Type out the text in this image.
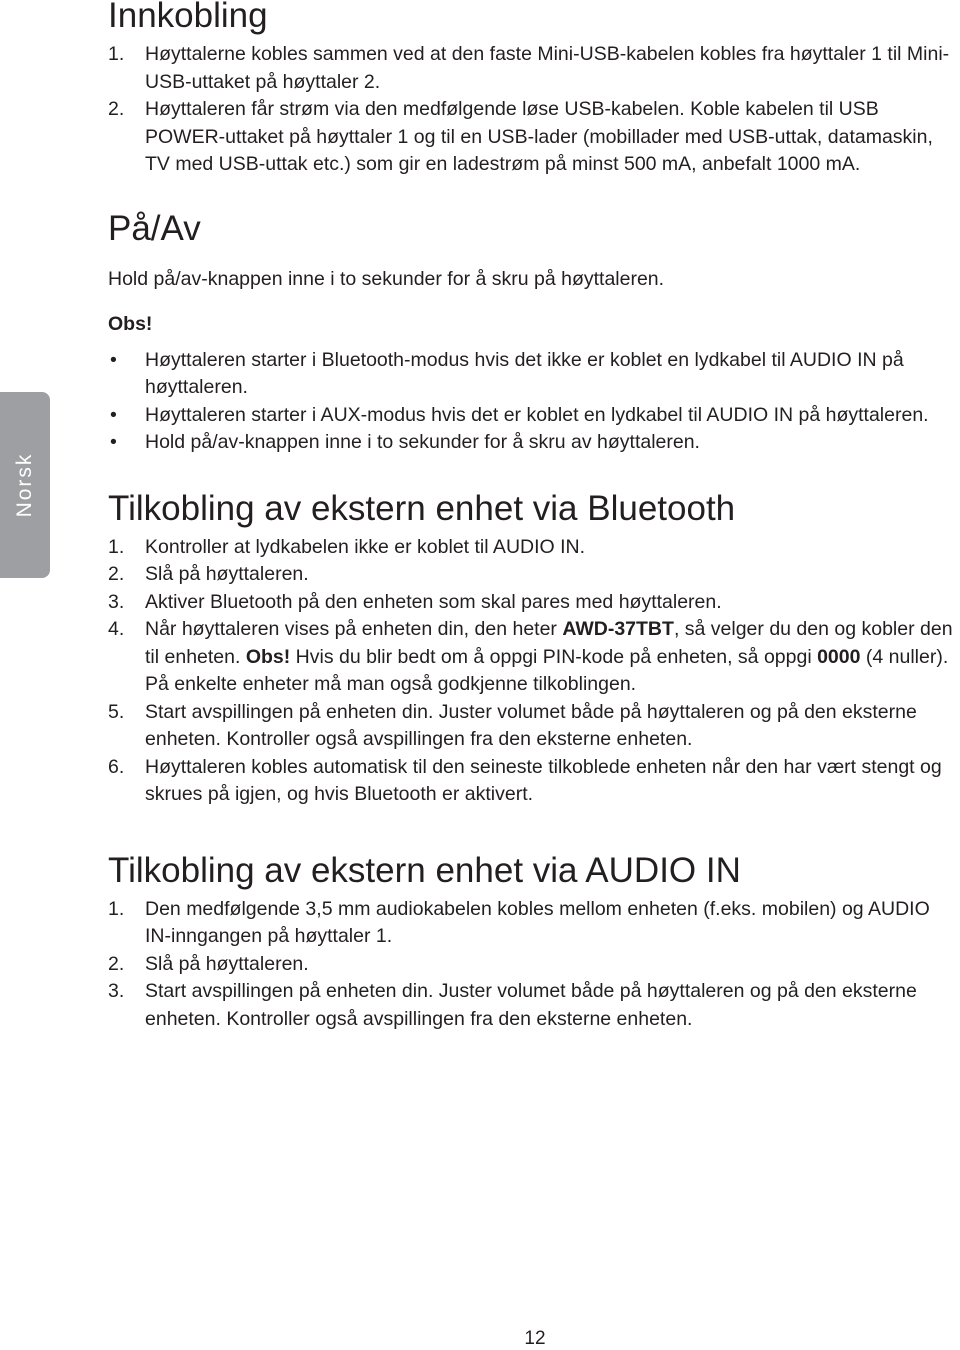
Norsk
Innkobling
1. Høyttalerne kobles sammen ved at den faste Mini-USB-kabelen kobles fra høyttaler 1 til Mini-USB-uttaket på høyttaler 2.
2. Høyttaleren får strøm via den medfølgende løse USB-kabelen. Koble kabelen til USB POWER-uttaket på høyttaler 1 og til en USB-lader (mobillader med USB-uttak, datamaskin, TV med USB-uttak etc.) som gir en ladestrøm på minst 500 mA, anbefalt 1000 mA.
På/Av

Hold på/av-knappen inne i to sekunder for å skru på høyttaleren.

Obs!

• Høyttaleren starter i Bluetooth-modus hvis det ikke er koblet en lydkabel til AUDIO IN på høyttaleren.
• Høyttaleren starter i AUX-modus hvis det er koblet en lydkabel til AUDIO IN på høyttaleren.
• Hold på/av-knappen inne i to sekunder for å skru av høyttaleren.
Tilkobling av ekstern enhet via Bluetooth
1. Kontroller at lydkabelen ikke er koblet til AUDIO IN.
2. Slå på høyttaleren.
3. Aktiver Bluetooth på den enheten som skal pares med høyttaleren.
4. Når høyttaleren vises på enheten din, den heter AWD-37TBT, så velger du den og kobler den til enheten. Obs! Hvis du blir bedt om å oppgi PIN-kode på enheten, så oppgi 0000 (4 nuller). På enkelte enheter må man også godkjenne tilkoblingen.
5. Start avspillingen på enheten din. Juster volumet både på høyttaleren og på den eksterne enheten. Kontroller også avspillingen fra den eksterne enheten.
6. Høyttaleren kobles automatisk til den seineste tilkoblede enheten når den har vært stengt og skrues på igjen, og hvis Bluetooth er aktivert.
Tilkobling av ekstern enhet via AUDIO IN
1. Den medfølgende 3,5 mm audiokabelen kobles mellom enheten (f.eks. mobilen) og AUDIO IN-inngangen på høyttaler 1.
2. Slå på høyttaleren.
3. Start avspillingen på enheten din. Juster volumet både på høyttaleren og på den eksterne enheten. Kontroller også avspillingen fra den eksterne enheten.
12
